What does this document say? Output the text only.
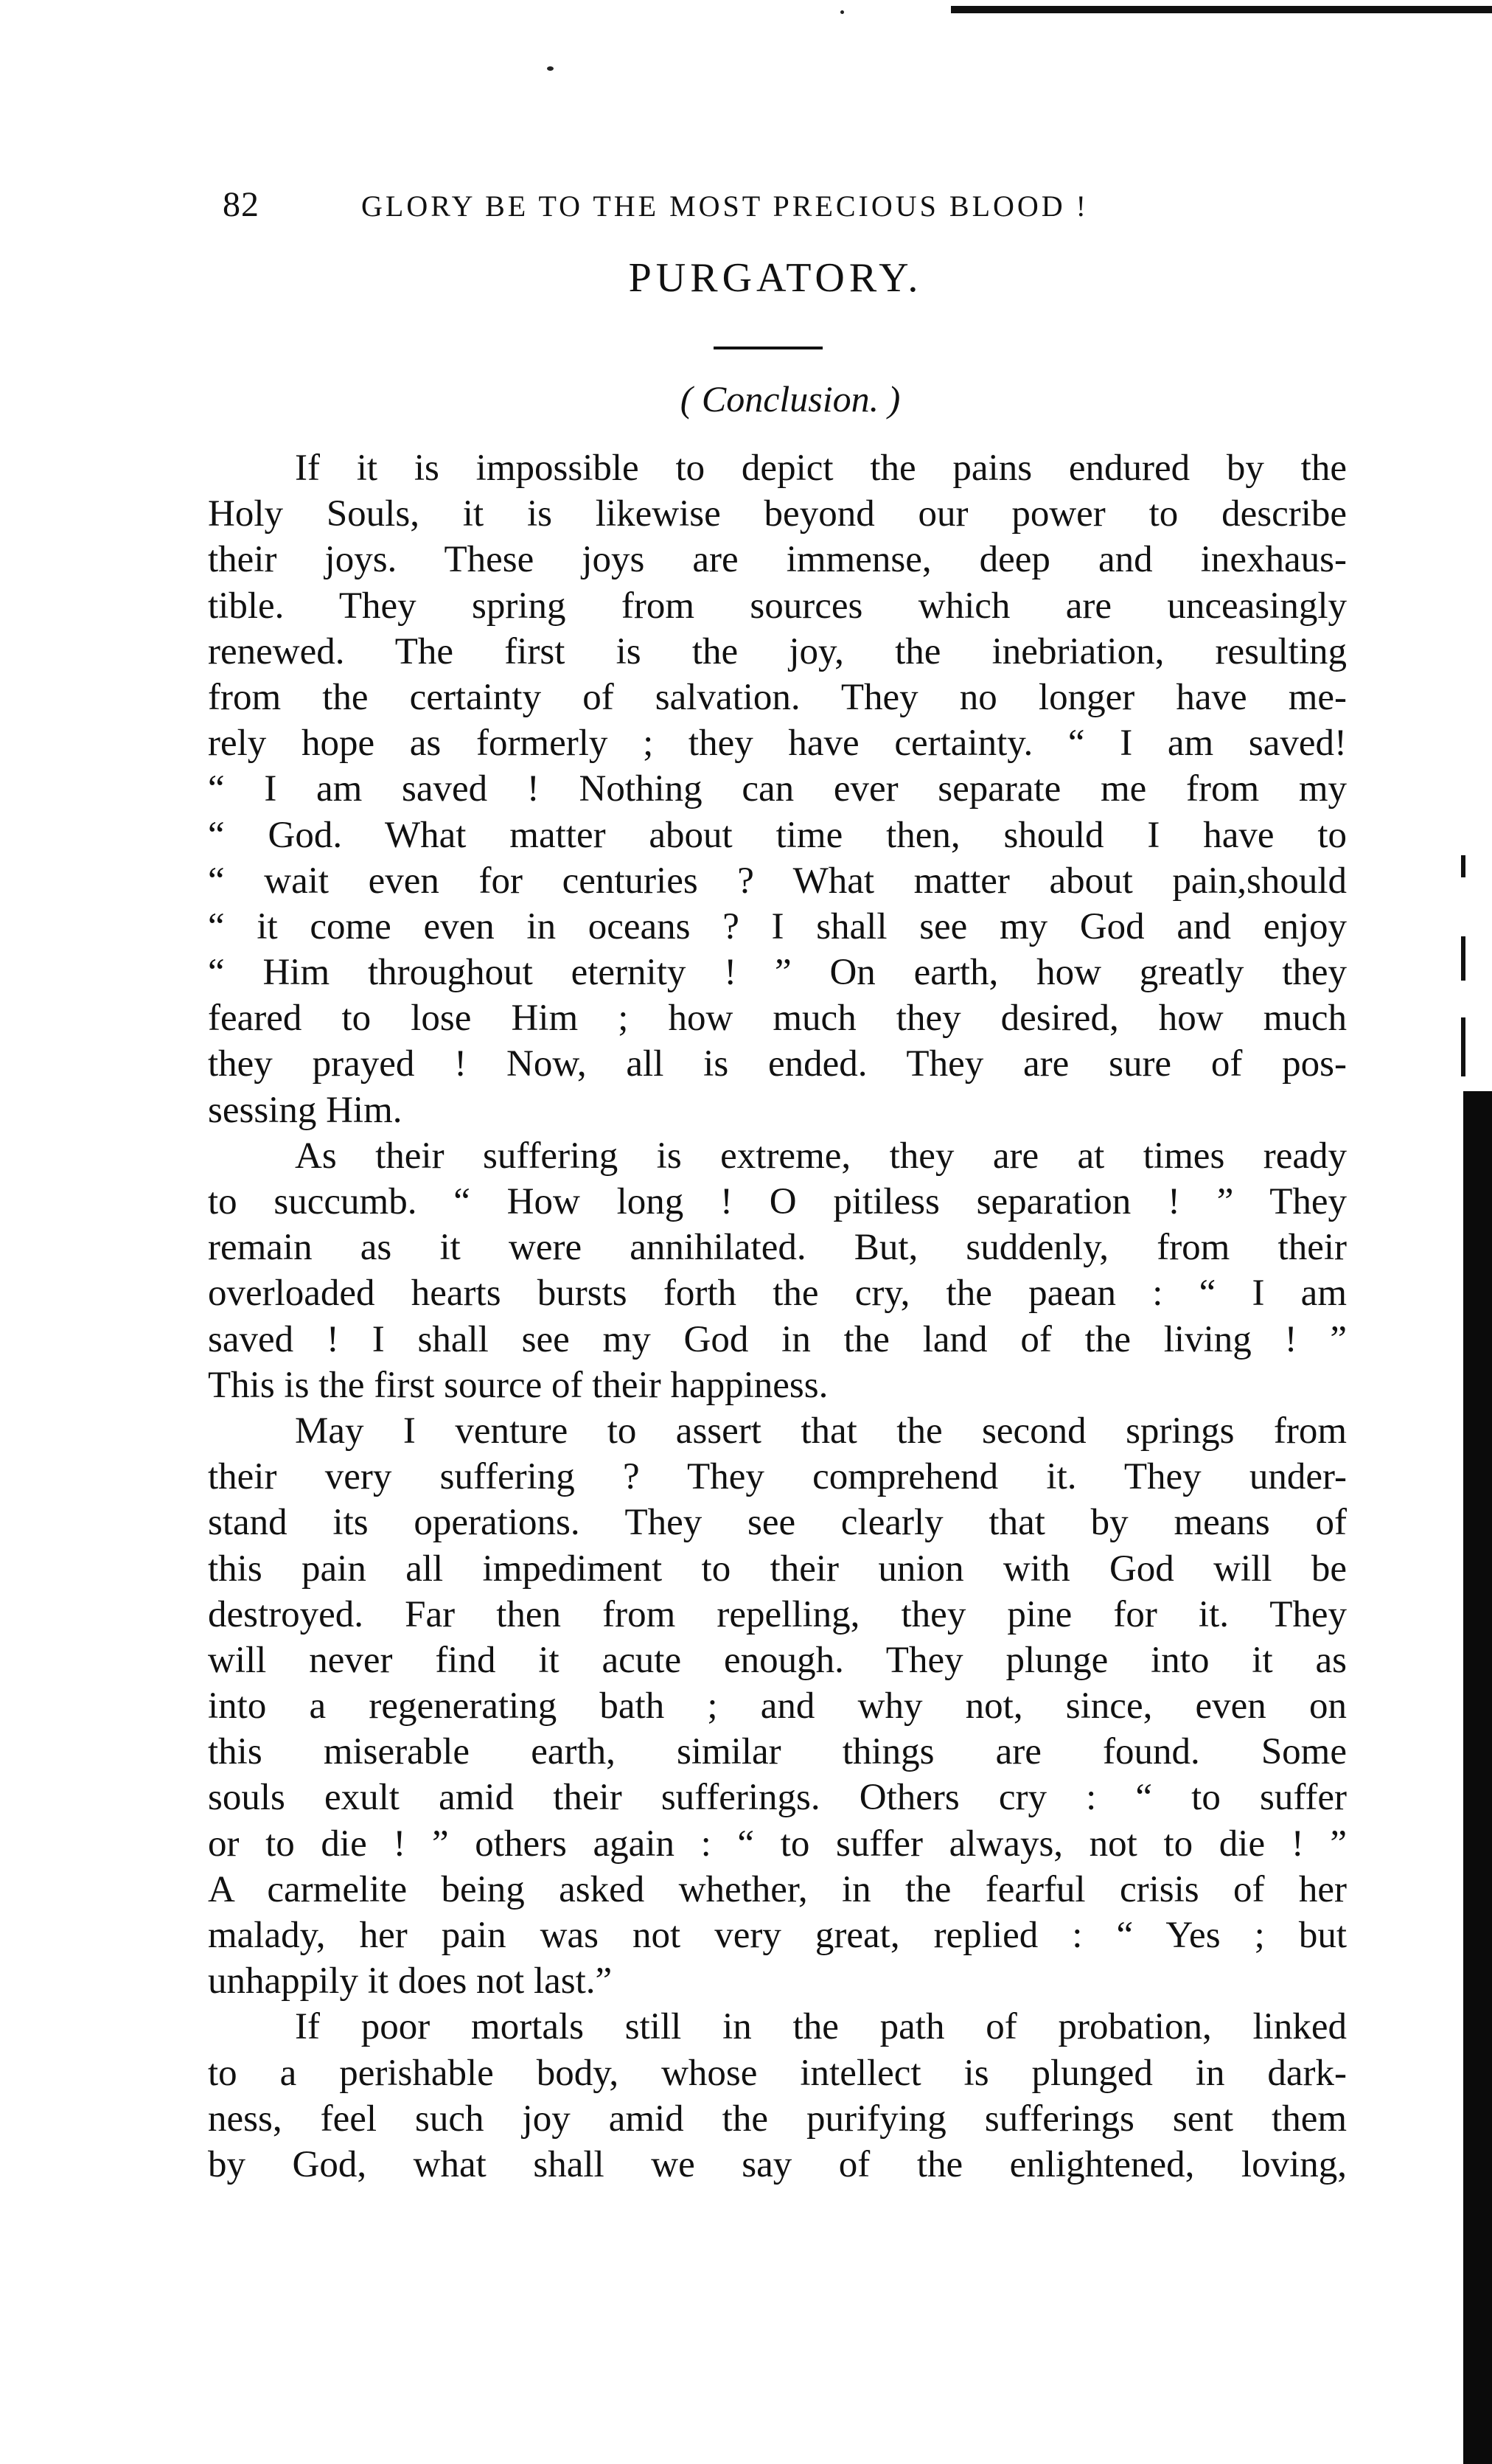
82	GLORY BE TO THE MOST PRECIOUS BLOOD !
PURGATORY.
( Conclusion. )
If it is impossible to depict the pains endured by the
Holy Souls, it is likewise beyond our power to describe
their joys. These joys are immense, deep and inexhaus-
tible. They spring from sources which are unceasingly
renewed. The first is the joy, the inebriation, resulting
from the certainty of salvation. They no longer have me-
rely hope as formerly ; they have certainty. “ I am saved!
“ I am saved ! Nothing can ever separate me from my
“ God. What matter about time then, should I have to
“ wait even for centuries ? What matter about pain,should
“ it come even in oceans ? I shall see my God and enjoy
“ Him throughout eternity ! ” On earth, how greatly they
feared to lose Him ; how much they desired, how much
they prayed ! Now, all is ended. They are sure of pos-
sessing Him.
As their suffering is extreme, they are at times ready
to succumb. “ How long ! O pitiless separation ! ” They
remain as it were annihilated. But, suddenly, from their
overloaded hearts bursts forth the cry, the paean : “ I am
saved ! I shall see my God in the land of the living ! ”
This is the first source of their happiness.
May I venture to assert that the second springs from
their very suffering ? They comprehend it. They under-
stand its operations. They see clearly that by means of
this pain all impediment to their union with God will be
destroyed. Far then from repelling, they pine for it. They
will never find it acute enough. They plunge into it as
into a regenerating bath ; and why not, since, even on
this miserable earth, similar things are found. Some
souls exult amid their sufferings. Others cry : “ to suffer
or to die ! ” others again : “ to suffer always, not to die ! ”
A carmelite being asked whether, in the fearful crisis of her
malady, her pain was not very great, replied : “ Yes ; but
unhappily it does not last.”
If poor mortals still in the path of probation, linked
to a perishable body, whose intellect is plunged in dark-
ness, feel such joy amid the purifying sufferings sent them
by God, what shall we say of the enlightened, loving,
